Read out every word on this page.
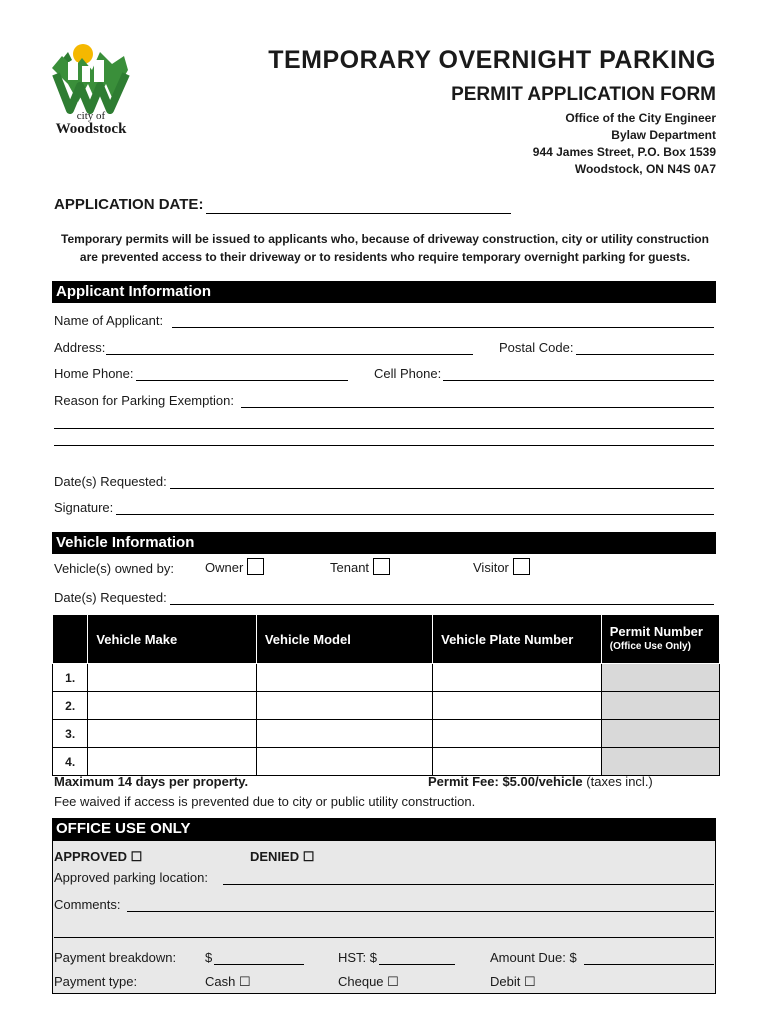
city of
Woodstock
TEMPORARY OVERNIGHT PARKING
PERMIT APPLICATION FORM
Office of the City Engineer
Bylaw Department
944 James Street, P.O. Box 1539
Woodstock, ON N4S 0A7
APPLICATION DATE:
Temporary permits will be issued to applicants who, because of driveway construction, city or utility construction are prevented access to their driveway or to residents who require temporary overnight parking for guests.
Applicant Information
Name of Applicant:
Address:	Postal Code:
Home Phone:	Cell Phone:
Reason for Parking Exemption:
Date(s) Requested:
Signature:
Vehicle Information
Vehicle(s) owned by: Owner	Tenant	Visitor
Date(s) Requested:
	Vehicle Make	Vehicle Model	Vehicle Plate Number	Permit Number
(Office Use Only)

1.				
2.				
3.				
4.				
Maximum 14 days per property.	Permit Fee: $5.00/vehicle (taxes incl.)
Fee waived if access is prevented due to city or public utility construction.
OFFICE USE ONLY
APPROVED ☐	DENIED ☐
Approved parking location:
Comments:
Payment breakdown: $	HST: $	Amount Due: $
Payment type:	Cash ☐	Cheque ☐	Debit ☐
